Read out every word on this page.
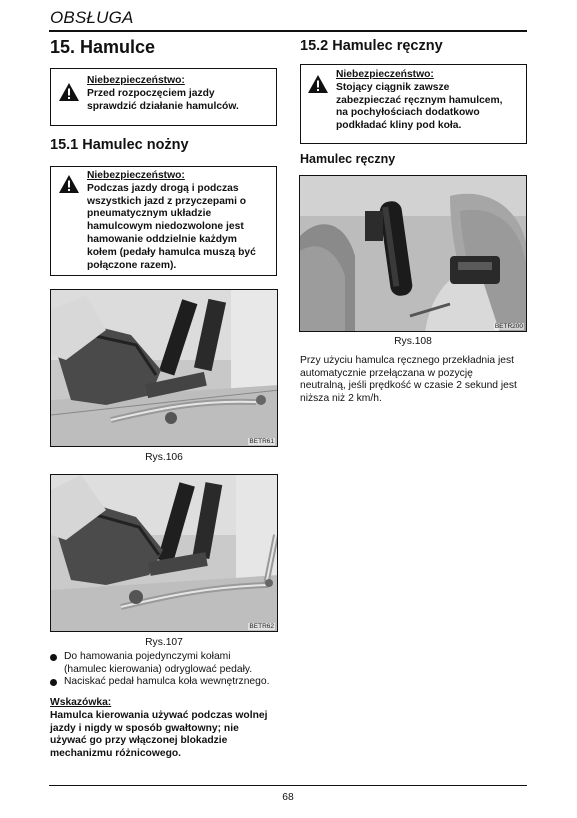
OBSŁUGA
15. Hamulce
Niebezpieczeństwo:
Przed rozpoczęciem jazdy
sprawdzić działanie hamulców.
15.1 Hamulec nożny
Niebezpieczeństwo:
Podczas jazdy drogą i podczas
wszystkich jazd z przyczepami o
pneumatycznym układzie
hamulcowym niedozwolone jest
hamowanie oddzielnie każdym
kołem (pedały hamulca muszą być
połączone razem).
BETR61
Rys.106
BETR62
Rys.107
Do hamowania pojedynczymi kołami
(hamulec kierowania) odryglować pedały.
Naciskać pedał hamulca koła wewnętrznego.
Wskazówka:
Hamulca kierowania używać podczas wolnej
jazdy i nigdy w sposób gwałtowny; nie
używać go przy włączonej blokadzie
mechanizmu różnicowego.
15.2 Hamulec ręczny
Niebezpieczeństwo:
Stojący ciągnik zawsze
zabezpieczać ręcznym hamulcem,
na pochyłościach dodatkowo
podkładać kliny pod koła.
Hamulec ręczny
BETR200
Rys.108
Przy użyciu hamulca ręcznego przekładnia jest
automatycznie przełączana w pozycję
neutralną, jeśli prędkość w czasie 2 sekund jest
niższa niż 2 km/h.
68
